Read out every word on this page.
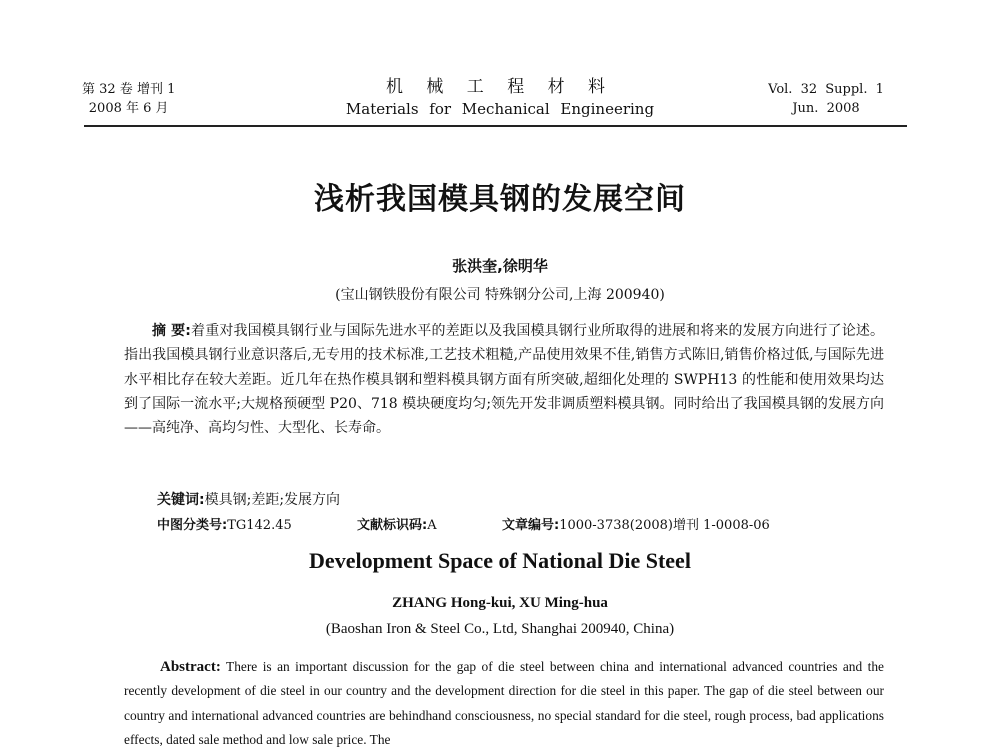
第 32 卷 增刊 1
2008 年 6 月
机 械 工 程 材 料
Materials for Mechanical Engineering
Vol. 32 Suppl. 1
Jun. 2008
浅析我国模具钢的发展空间
张洪奎,徐明华
(宝山钢铁股份有限公司 特殊钢分公司,上海 200940)
摘 要:着重对我国模具钢行业与国际先进水平的差距以及我国模具钢行业所取得的进展和将来的发展方向进行了论述。指出我国模具钢行业意识落后,无专用的技术标准,工艺技术粗糙,产品使用效果不佳,销售方式陈旧,销售价格过低,与国际先进水平相比存在较大差距。近几年在热作模具钢和塑料模具钢方面有所突破,超细化处理的 SWPH13 的性能和使用效果均达到了国际一流水平;大规格预硬型 P20、718 模块硬度均匀;领先开发非调质塑料模具钢。同时给出了我国模具钢的发展方向——高纯净、高均匀性、大型化、长寿命。
关键词:模具钢;差距;发展方向
中图分类号:TG142.45	文献标识码:A	文章编号:1000-3738(2008)增刊 1-0008-06
Development Space of National Die Steel
ZHANG Hong-kui, XU Ming-hua
(Baoshan Iron & Steel Co., Ltd, Shanghai 200940, China)
Abstract: There is an important discussion for the gap of die steel between china and international advanced countries and the recently development of die steel in our country and the development direction for die steel in this paper. The gap of die steel between our country and international advanced countries are behindhand consciousness, no special standard for die steel, rough process, bad applications effects, dated sale method and low sale price. The
